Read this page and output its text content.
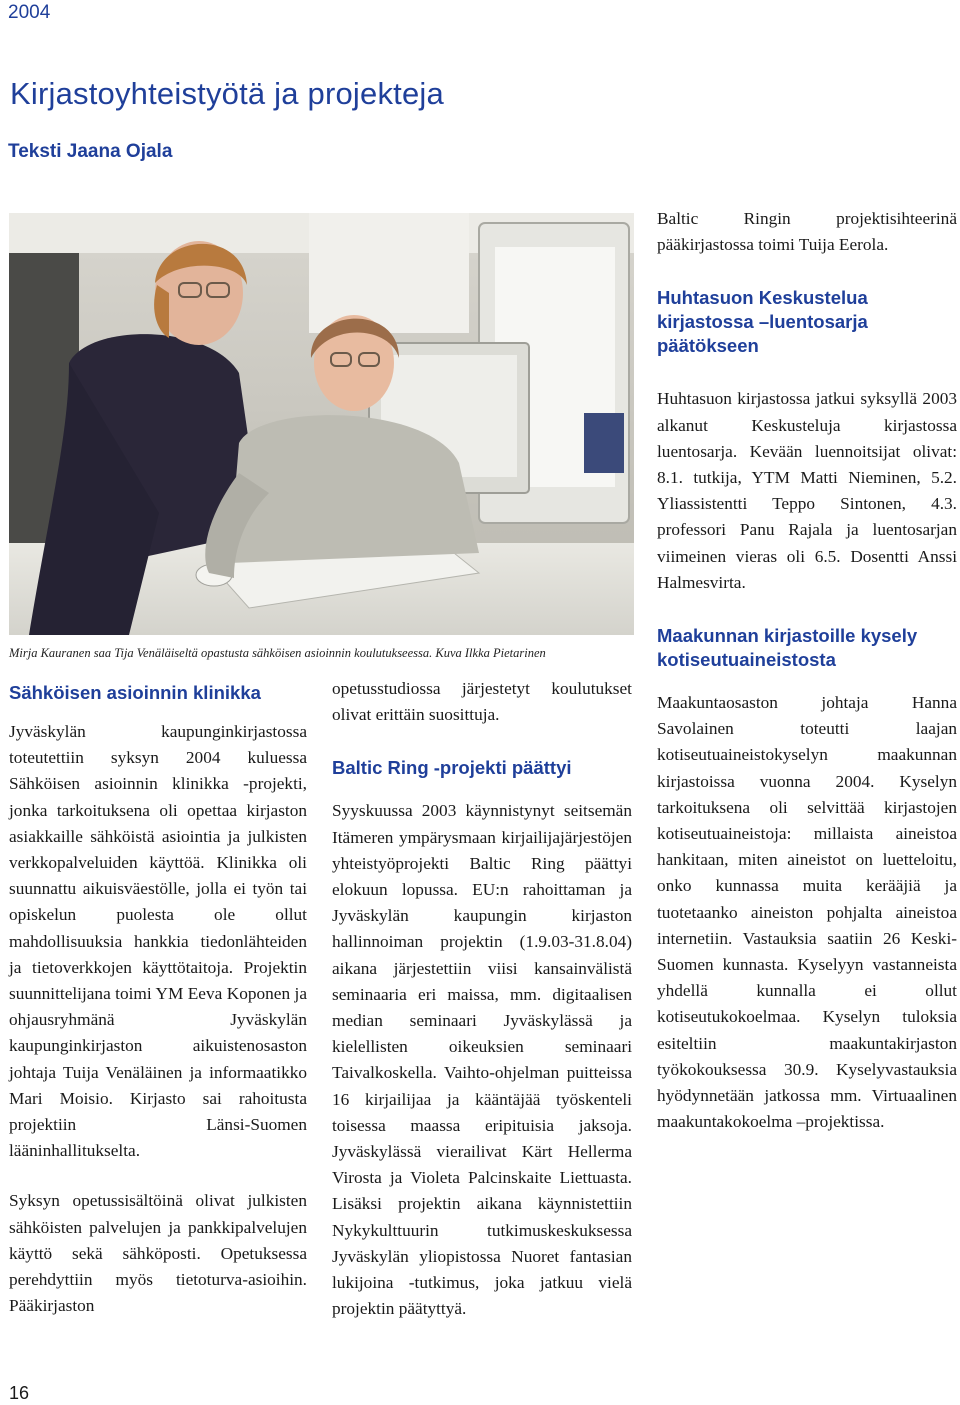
2004
Kirjastoyhteistyötä ja projekteja
Teksti Jaana Ojala
Mirja Kauranen saa Tija Venäläiseltä opastusta sähköisen asioinnin koulutukseessa. Kuva Ilkka Pietarinen
Sähköisen asioinnin klinikka

Jyväskylän kaupunginkirjastossa toteutettiin syksyn 2004 kuluessa Sähköisen asioinnin klinikka -projekti, jonka tarkoituksena oli opettaa kirjaston asiakkaille sähköistä asiointia ja julkisten verkkopalveluiden käyttöä. Klinikka oli suunnattu aikuisväestölle, jolla ei työn tai opiskelun puolesta ole ollut mahdollisuuksia hankkia tiedonlähteiden ja tietoverkkojen käyttötaitoja. Projektin suunnittelijana toimi YM Eeva Koponen ja ohjausryhmänä Jyväskylän kaupunginkirjaston aikuistenosaston johtaja Tuija Venäläinen ja informaatikko Mari Moisio. Kirjasto sai rahoitusta projektiin Länsi-Suomen lääninhallitukselta.

Syksyn opetussisältöinä olivat julkisten sähköisten palvelujen ja pankkipalvelujen käyttö sekä sähköposti. Opetuksessa perehdyttiin myös tietoturva-asioihin. Pääkirjaston

opetusstudiossa järjestetyt koulutukset olivat erittäin suosittuja.

Baltic Ring -projekti päättyi

Syyskuussa 2003 käynnistynyt seitsemän Itämeren ympärysmaan kirjailijajärjestöjen yhteistyöprojekti Baltic Ring päättyi elokuun lopussa. EU:n rahoittaman ja Jyväskylän kaupungin kirjaston hallinnoiman projektin (1.9.03-31.8.04) aikana järjestettiin viisi kansainvälistä seminaaria eri maissa, mm. digitaalisen median seminaari Jyväskylässä ja kielellisten oikeuksien seminaari Taivalkoskella. Vaihto-ohjelman puitteissa 16 kirjailijaa ja kääntäjää työskenteli toisessa maassa eripituisia jaksoja. Jyväskylässä vierailivat Kärt Hellerma Virosta ja Violeta Palcinskaite Liettuasta. Lisäksi projektin aikana käynnistettiin Nykykulttuurin tutkimuskeskuksessa Jyväskylän yliopistossa Nuoret fantasian lukijoina -tutkimus, joka jatkuu vielä projektin päätyttyä.

Baltic Ringin projektisihteerinä pääkirjastossa toimi Tuija Eerola.

Huhtasuon Keskustelua kirjastossa –luentosarja päätökseen

Huhtasuon kirjastossa jatkui syksyllä 2003 alkanut Keskusteluja kirjastossa luentosarja. Kevään luennoitsijat olivat: 8.1. tutkija, YTM Matti Nieminen, 5.2. Yliassistentti Teppo Sintonen, 4.3. professori Panu Rajala ja luentosarjan viimeinen vieras oli 6.5. Dosentti Anssi Halmesvirta.

Maakunnan kirjastoille kysely kotiseutuaineistosta

Maakuntaosaston johtaja Hanna Savolainen toteutti laajan kotiseutuaineistokyselyn maakunnan kirjastoissa vuonna 2004. Kyselyn tarkoituksena oli selvittää kirjastojen kotiseutuaineistoja: millaista aineistoa hankitaan, miten aineistot on luetteloitu, onko kunnassa muita kerääjiä ja tuotetaanko aineiston pohjalta aineistoa internetiin. Vastauksia saatiin 26 Keski-Suomen kunnasta. Kyselyyn vastanneista yhdellä kunnalla ei ollut kotiseutukokoelmaa. Kyselyn tuloksia esiteltiin maakuntakirjaston työkokouksessa 30.9. Kyselyvastauksia hyödynnetään jatkossa mm. Virtuaalinen maakuntakokoelma –projektissa.

16
